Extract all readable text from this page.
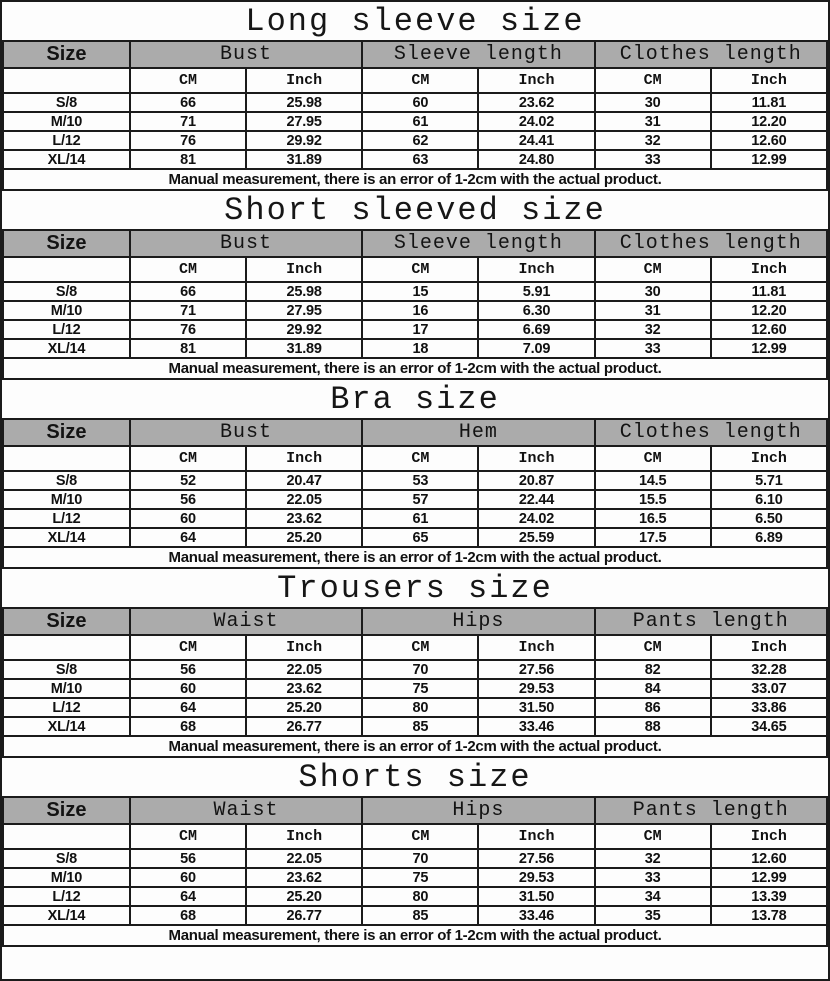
Long sleeve size
Size	Bust		Sleeve length		Clothes length	
	CM	Inch	CM	Inch	CM	Inch
S/8	66	25.98	60	23.62	30	11.81
M/10	71	27.95	61	24.02	31	12.20
L/12	76	29.92	62	24.41	32	12.60
XL/14	81	31.89	63	24.80	33	12.99
Manual measurement, there is an error of 1-2cm with the actual product.						
Short sleeved size
Size	Bust		Sleeve length		Clothes length	
	CM	Inch	CM	Inch	CM	Inch
S/8	66	25.98	15	5.91	30	11.81
M/10	71	27.95	16	6.30	31	12.20
L/12	76	29.92	17	6.69	32	12.60
XL/14	81	31.89	18	7.09	33	12.99
Manual measurement, there is an error of 1-2cm with the actual product.						
Bra size
Size	Bust		Hem		Clothes length	
	CM	Inch	CM	Inch	CM	Inch
S/8	52	20.47	53	20.87	14.5	5.71
M/10	56	22.05	57	22.44	15.5	6.10
L/12	60	23.62	61	24.02	16.5	6.50
XL/14	64	25.20	65	25.59	17.5	6.89
Manual measurement, there is an error of 1-2cm with the actual product.						
Trousers size
Size	Waist		Hips		Pants length	
	CM	Inch	CM	Inch	CM	Inch
S/8	56	22.05	70	27.56	82	32.28
M/10	60	23.62	75	29.53	84	33.07
L/12	64	25.20	80	31.50	86	33.86
XL/14	68	26.77	85	33.46	88	34.65
Manual measurement, there is an error of 1-2cm with the actual product.						
Shorts size
Size	Waist		Hips		Pants length	
	CM	Inch	CM	Inch	CM	Inch
S/8	56	22.05	70	27.56	32	12.60
M/10	60	23.62	75	29.53	33	12.99
L/12	64	25.20	80	31.50	34	13.39
XL/14	68	26.77	85	33.46	35	13.78
Manual measurement, there is an error of 1-2cm with the actual product.						
